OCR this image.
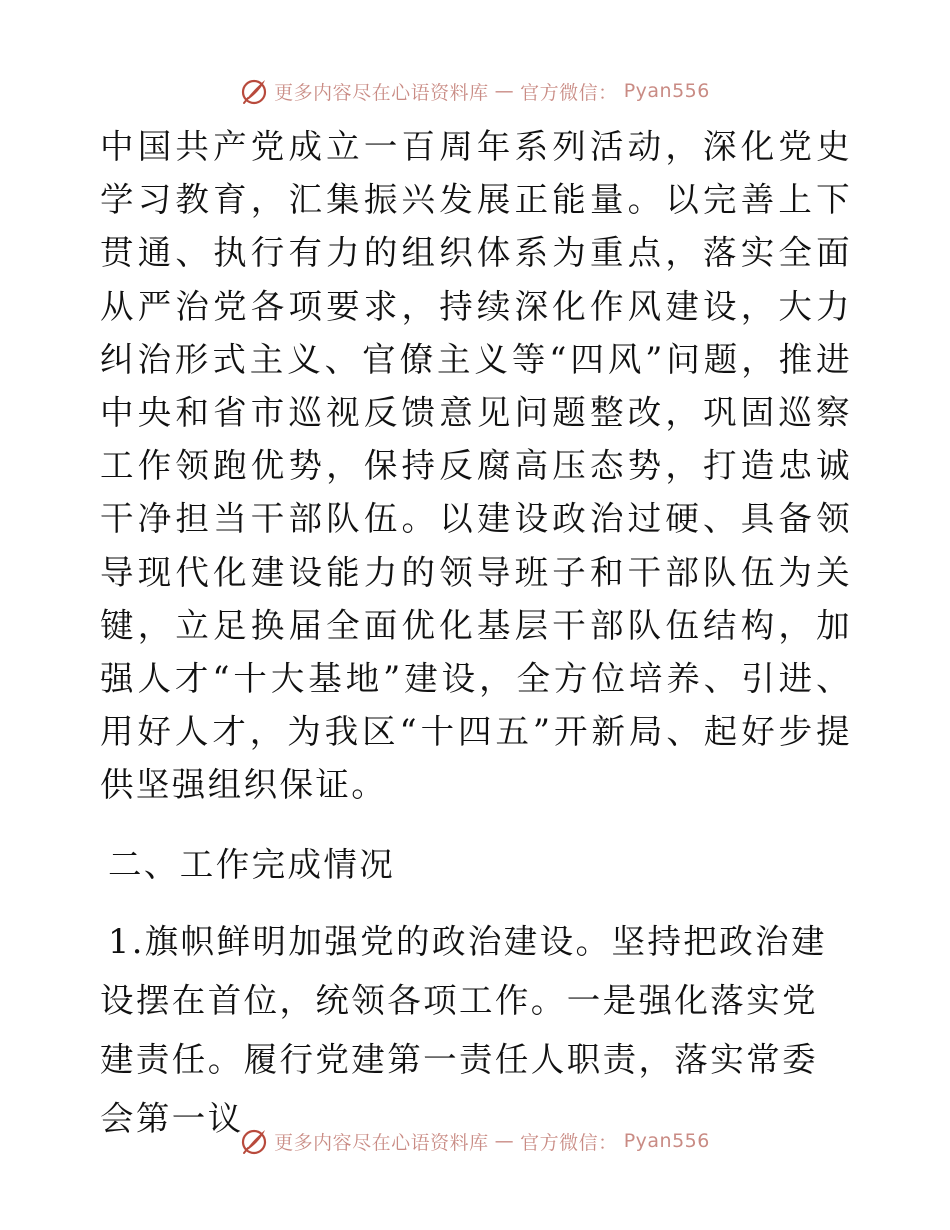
更多内容尽在心语资料库 — 官方微信： Pyan556

中国共产党成立一百周年系列活动，深化党史学习教育，汇集振兴发展正能量。以完善上下贯通、执行有力的组织体系为重点，落实全面从严治党各项要求，持续深化作风建设，大力纠治形式主义、官僚主义等“四风”问题，推进中央和省市巡视反馈意见问题整改，巩固巡察工作领跑优势，保持反腐高压态势，打造忠诚干净担当干部队伍。以建设政治过硬、具备领导现代化建设能力的领导班子和干部队伍为关键，立足换届全面优化基层干部队伍结构，加强人才“十大基地”建设，全方位培养、引进、用好人才，为我区“十四五”开新局、起好步提供坚强组织保证。

二、工作完成情况

1.旗帜鲜明加强党的政治建设。坚持把政治建设摆在首位，统领各项工作。一是强化落实党建责任。履行党建第一责任人职责，落实常委会第一议

更多内容尽在心语资料库 — 官方微信： Pyan556
